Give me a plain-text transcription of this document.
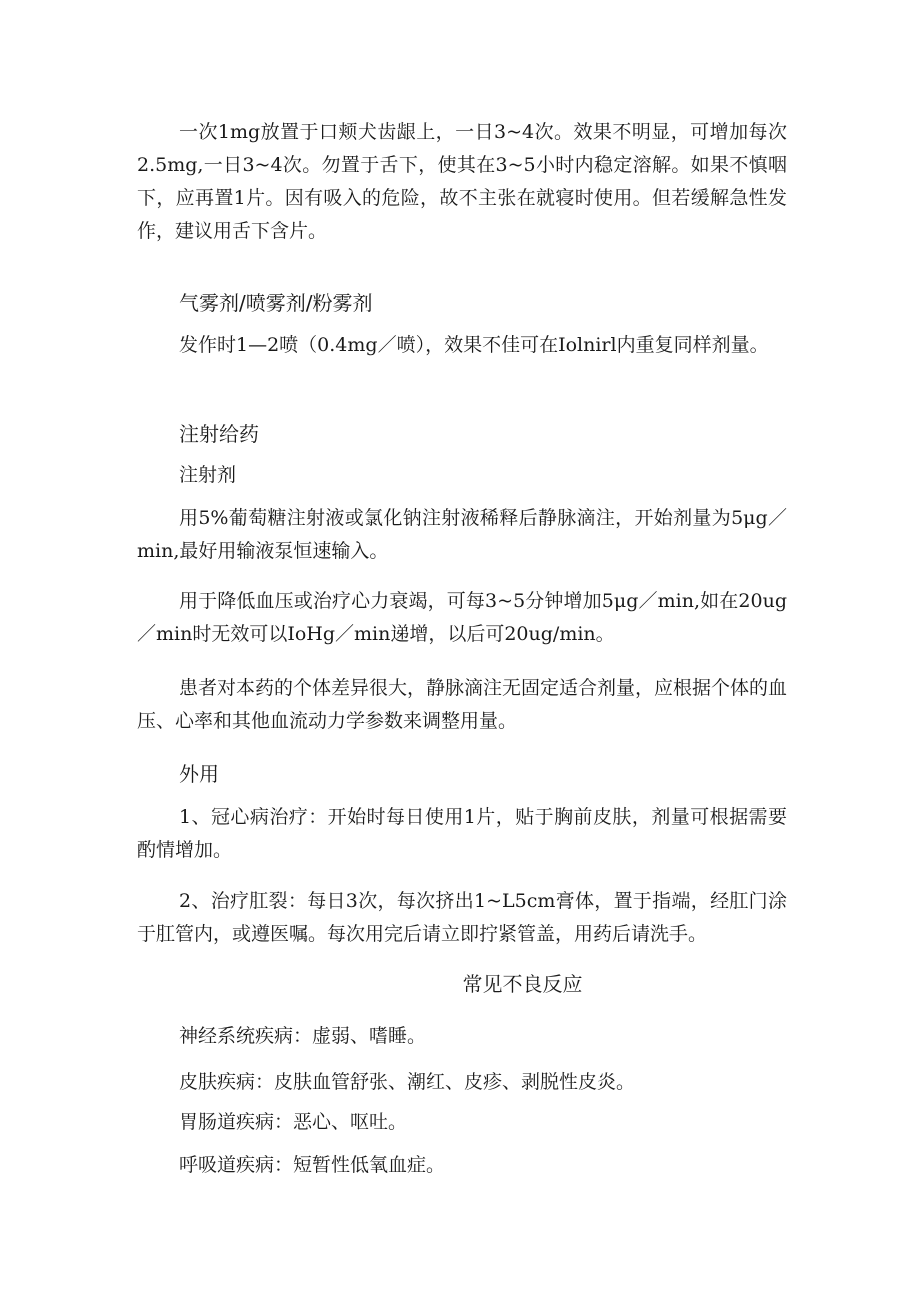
一次1mg放置于口颊犬齿龈上，一日3~4次。效果不明显，可增加每次2.5mg,一日3~4次。勿置于舌下，使其在3~5小时内稳定溶解。如果不慎咽下，应再置1片。因有吸入的危险，故不主张在就寝时使用。但若缓解急性发作，建议用舌下含片。

气雾剂/喷雾剂/粉雾剂

发作时1—2喷（0.4mg／喷），效果不佳可在Iolnirl内重复同样剂量。

注射给药

注射剂

用5%葡萄糖注射液或氯化钠注射液稀释后静脉滴注，开始剂量为5μg／min,最好用输液泵恒速输入。

用于降低血压或治疗心力衰竭，可每3~5分钟增加5μg／min,如在20ug／min时无效可以IoHg／min递增，以后可20ug/min。

患者对本药的个体差异很大，静脉滴注无固定适合剂量，应根据个体的血压、心率和其他血流动力学参数来调整用量。

外用

1、冠心病治疗：开始时每日使用1片，贴于胸前皮肤，剂量可根据需要酌情增加。

2、治疗肛裂：每日3次，每次挤出1~L5cm膏体，置于指端，经肛门涂于肛管内，或遵医嘱。每次用完后请立即拧紧管盖，用药后请洗手。

常见不良反应

神经系统疾病：虚弱、嗜睡。

皮肤疾病：皮肤血管舒张、潮红、皮疹、剥脱性皮炎。

胃肠道疾病：恶心、呕吐。

呼吸道疾病：短暂性低氧血症。
